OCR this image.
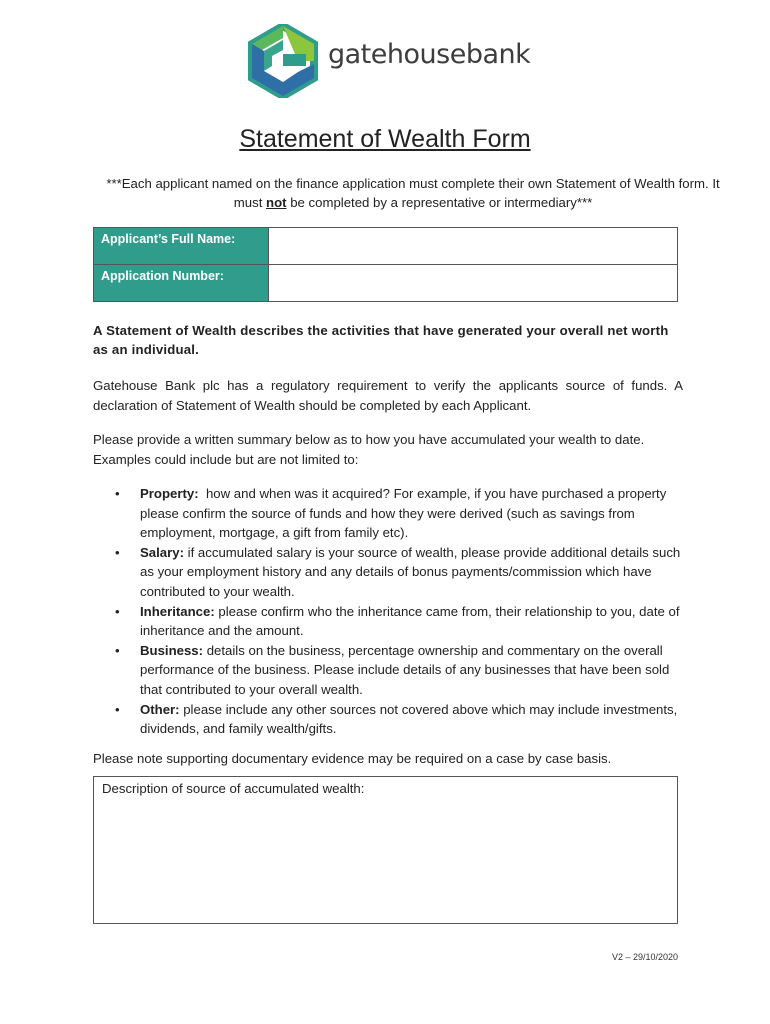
gatehousebank
Statement of Wealth Form
***Each applicant named on the finance application must complete their own Statement of Wealth form. It must not be completed by a representative or intermediary***
Applicant’s Full Name:	
Application Number:	
A Statement of Wealth describes the activities that have generated your overall net worth as an individual.
Gatehouse Bank plc has a regulatory requirement to verify the applicants source of funds. A declaration of Statement of Wealth should be completed by each Applicant.
Please provide a written summary below as to how you have accumulated your wealth to date. Examples could include but are not limited to:
• Property:  how and when was it acquired? For example, if you have purchased a property please confirm the source of funds and how they were derived (such as savings from employment, mortgage, a gift from family etc).
• Salary: if accumulated salary is your source of wealth, please provide additional details such as your employment history and any details of bonus payments/commission which have contributed to your wealth.
• Inheritance: please confirm who the inheritance came from, their relationship to you, date of inheritance and the amount.
• Business: details on the business, percentage ownership and commentary on the overall performance of the business. Please include details of any businesses that have been sold that contributed to your overall wealth.
• Other: please include any other sources not covered above which may include investments, dividends, and family wealth/gifts.
Please note supporting documentary evidence may be required on a case by case basis.
Description of source of accumulated wealth:
V2 – 29/10/2020
